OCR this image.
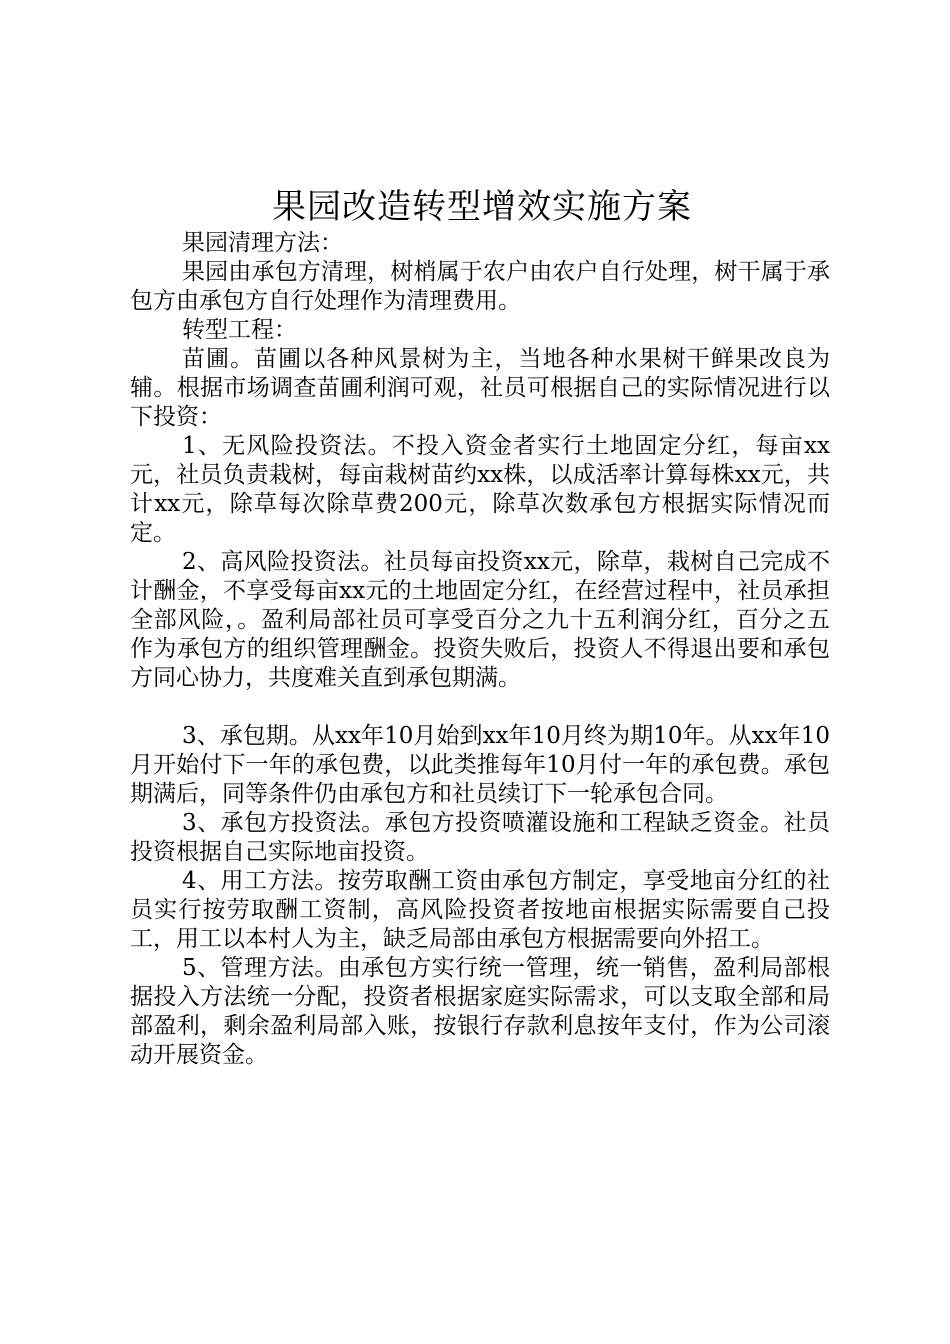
果园改造转型增效实施方案

果园清理方法：

果园由承包方清理，树梢属于农户由农户自行处理，树干属于承包方由承包方自行处理作为清理费用。

转型工程：

苗圃。苗圃以各种风景树为主，当地各种水果树干鲜果改良为辅。根据市场调查苗圃利润可观，社员可根据自己的实际情况进行以下投资：

1、无风险投资法。不投入资金者实行土地固定分红，每亩xx元，社员负责栽树，每亩栽树苗约xx株，以成活率计算每株xx元，共计xx元，除草每次除草费200元，除草次数承包方根据实际情况而定。

2、高风险投资法。社员每亩投资xx元，除草，栽树自己完成不计酬金，不享受每亩xx元的土地固定分红，在经营过程中，社员承担全部风险，。盈利局部社员可享受百分之九十五利润分红，百分之五作为承包方的组织管理酬金。投资失败后，投资人不得退出要和承包方同心协力，共度难关直到承包期满。

3、承包期。从xx年10月始到xx年10月终为期10年。从xx年10月开始付下一年的承包费，以此类推每年10月付一年的承包费。承包期满后，同等条件仍由承包方和社员续订下一轮承包合同。

3、承包方投资法。承包方投资喷灌设施和工程缺乏资金。社员投资根据自己实际地亩投资。

4、用工方法。按劳取酬工资由承包方制定，享受地亩分红的社员实行按劳取酬工资制，高风险投资者按地亩根据实际需要自己投工，用工以本村人为主，缺乏局部由承包方根据需要向外招工。

5、管理方法。由承包方实行统一管理，统一销售，盈利局部根据投入方法统一分配，投资者根据家庭实际需求，可以支取全部和局部盈利，剩余盈利局部入账，按银行存款利息按年支付，作为公司滚动开展资金。
